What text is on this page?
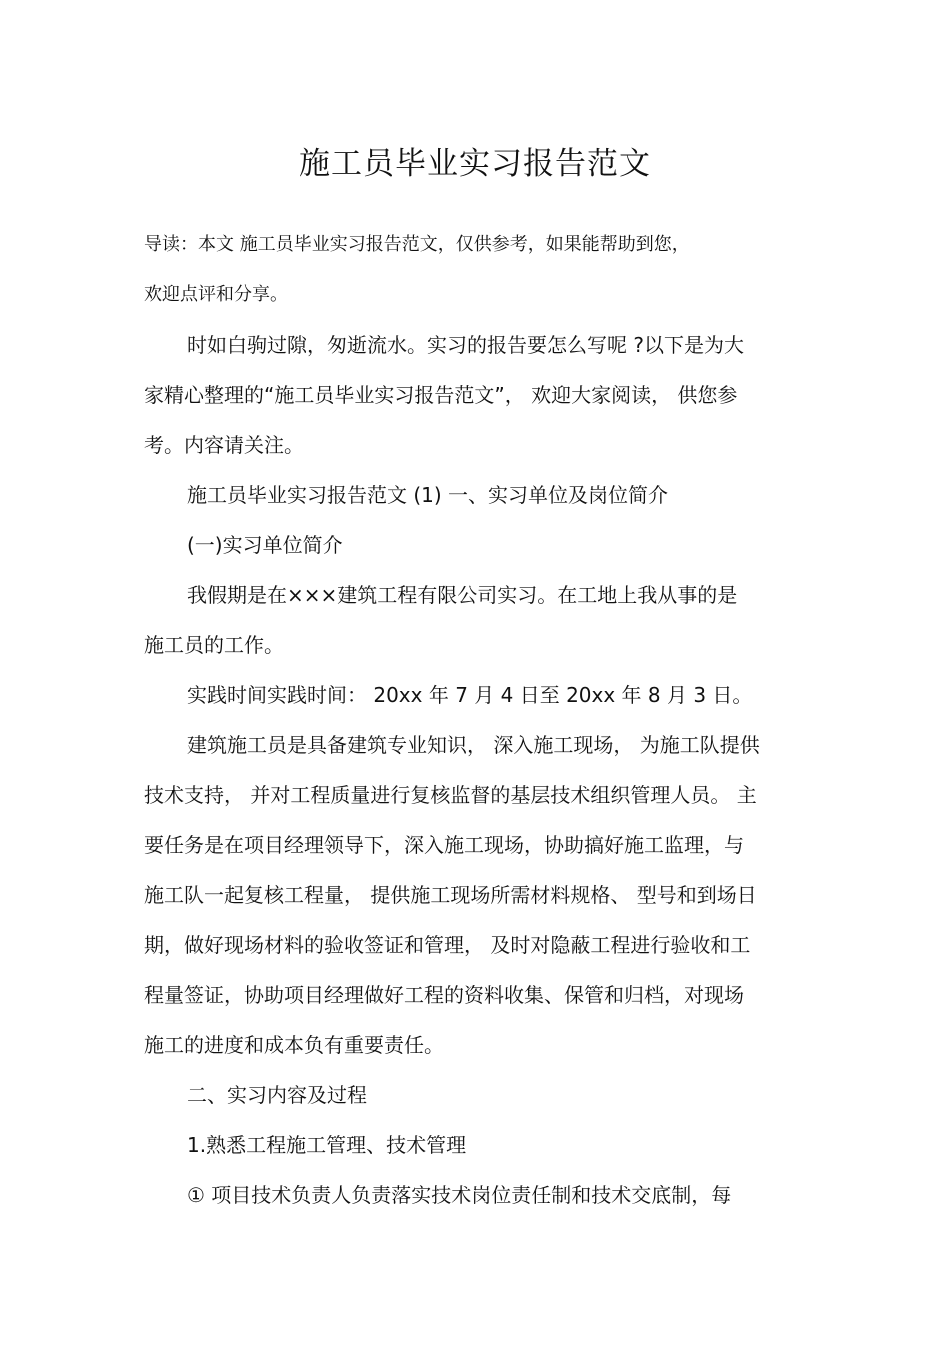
施工员毕业实习报告范文
导读：本文 施工员毕业实习报告范文，仅供参考，如果能帮助到您，
欢迎点评和分享。
时如白驹过隙，匆逝流水。实习的报告要怎么写呢 ?以下是为大
家精心整理的“施工员毕业实习报告范文”， 欢迎大家阅读， 供您参
考。内容请关注。
施工员毕业实习报告范文 (1) 一、实习单位及岗位简介
(一)实习单位简介
我假期是在×××建筑工程有限公司实习。在工地上我从事的是
施工员的工作。
实践时间实践时间： 20xx 年 7 月 4 日至 20xx 年 8 月 3 日。
建筑施工员是具备建筑专业知识， 深入施工现场， 为施工队提供
技术支持， 并对工程质量进行复核监督的基层技术组织管理人员。 主
要任务是在项目经理领导下，深入施工现场，协助搞好施工监理，与
施工队一起复核工程量， 提供施工现场所需材料规格、 型号和到场日
期，做好现场材料的验收签证和管理， 及时对隐蔽工程进行验收和工
程量签证，协助项目经理做好工程的资料收集、保管和归档，对现场
施工的进度和成本负有重要责任。
二、实习内容及过程
1.熟悉工程施工管理、技术管理
① 项目技术负责人负责落实技术岗位责任制和技术交底制，每
